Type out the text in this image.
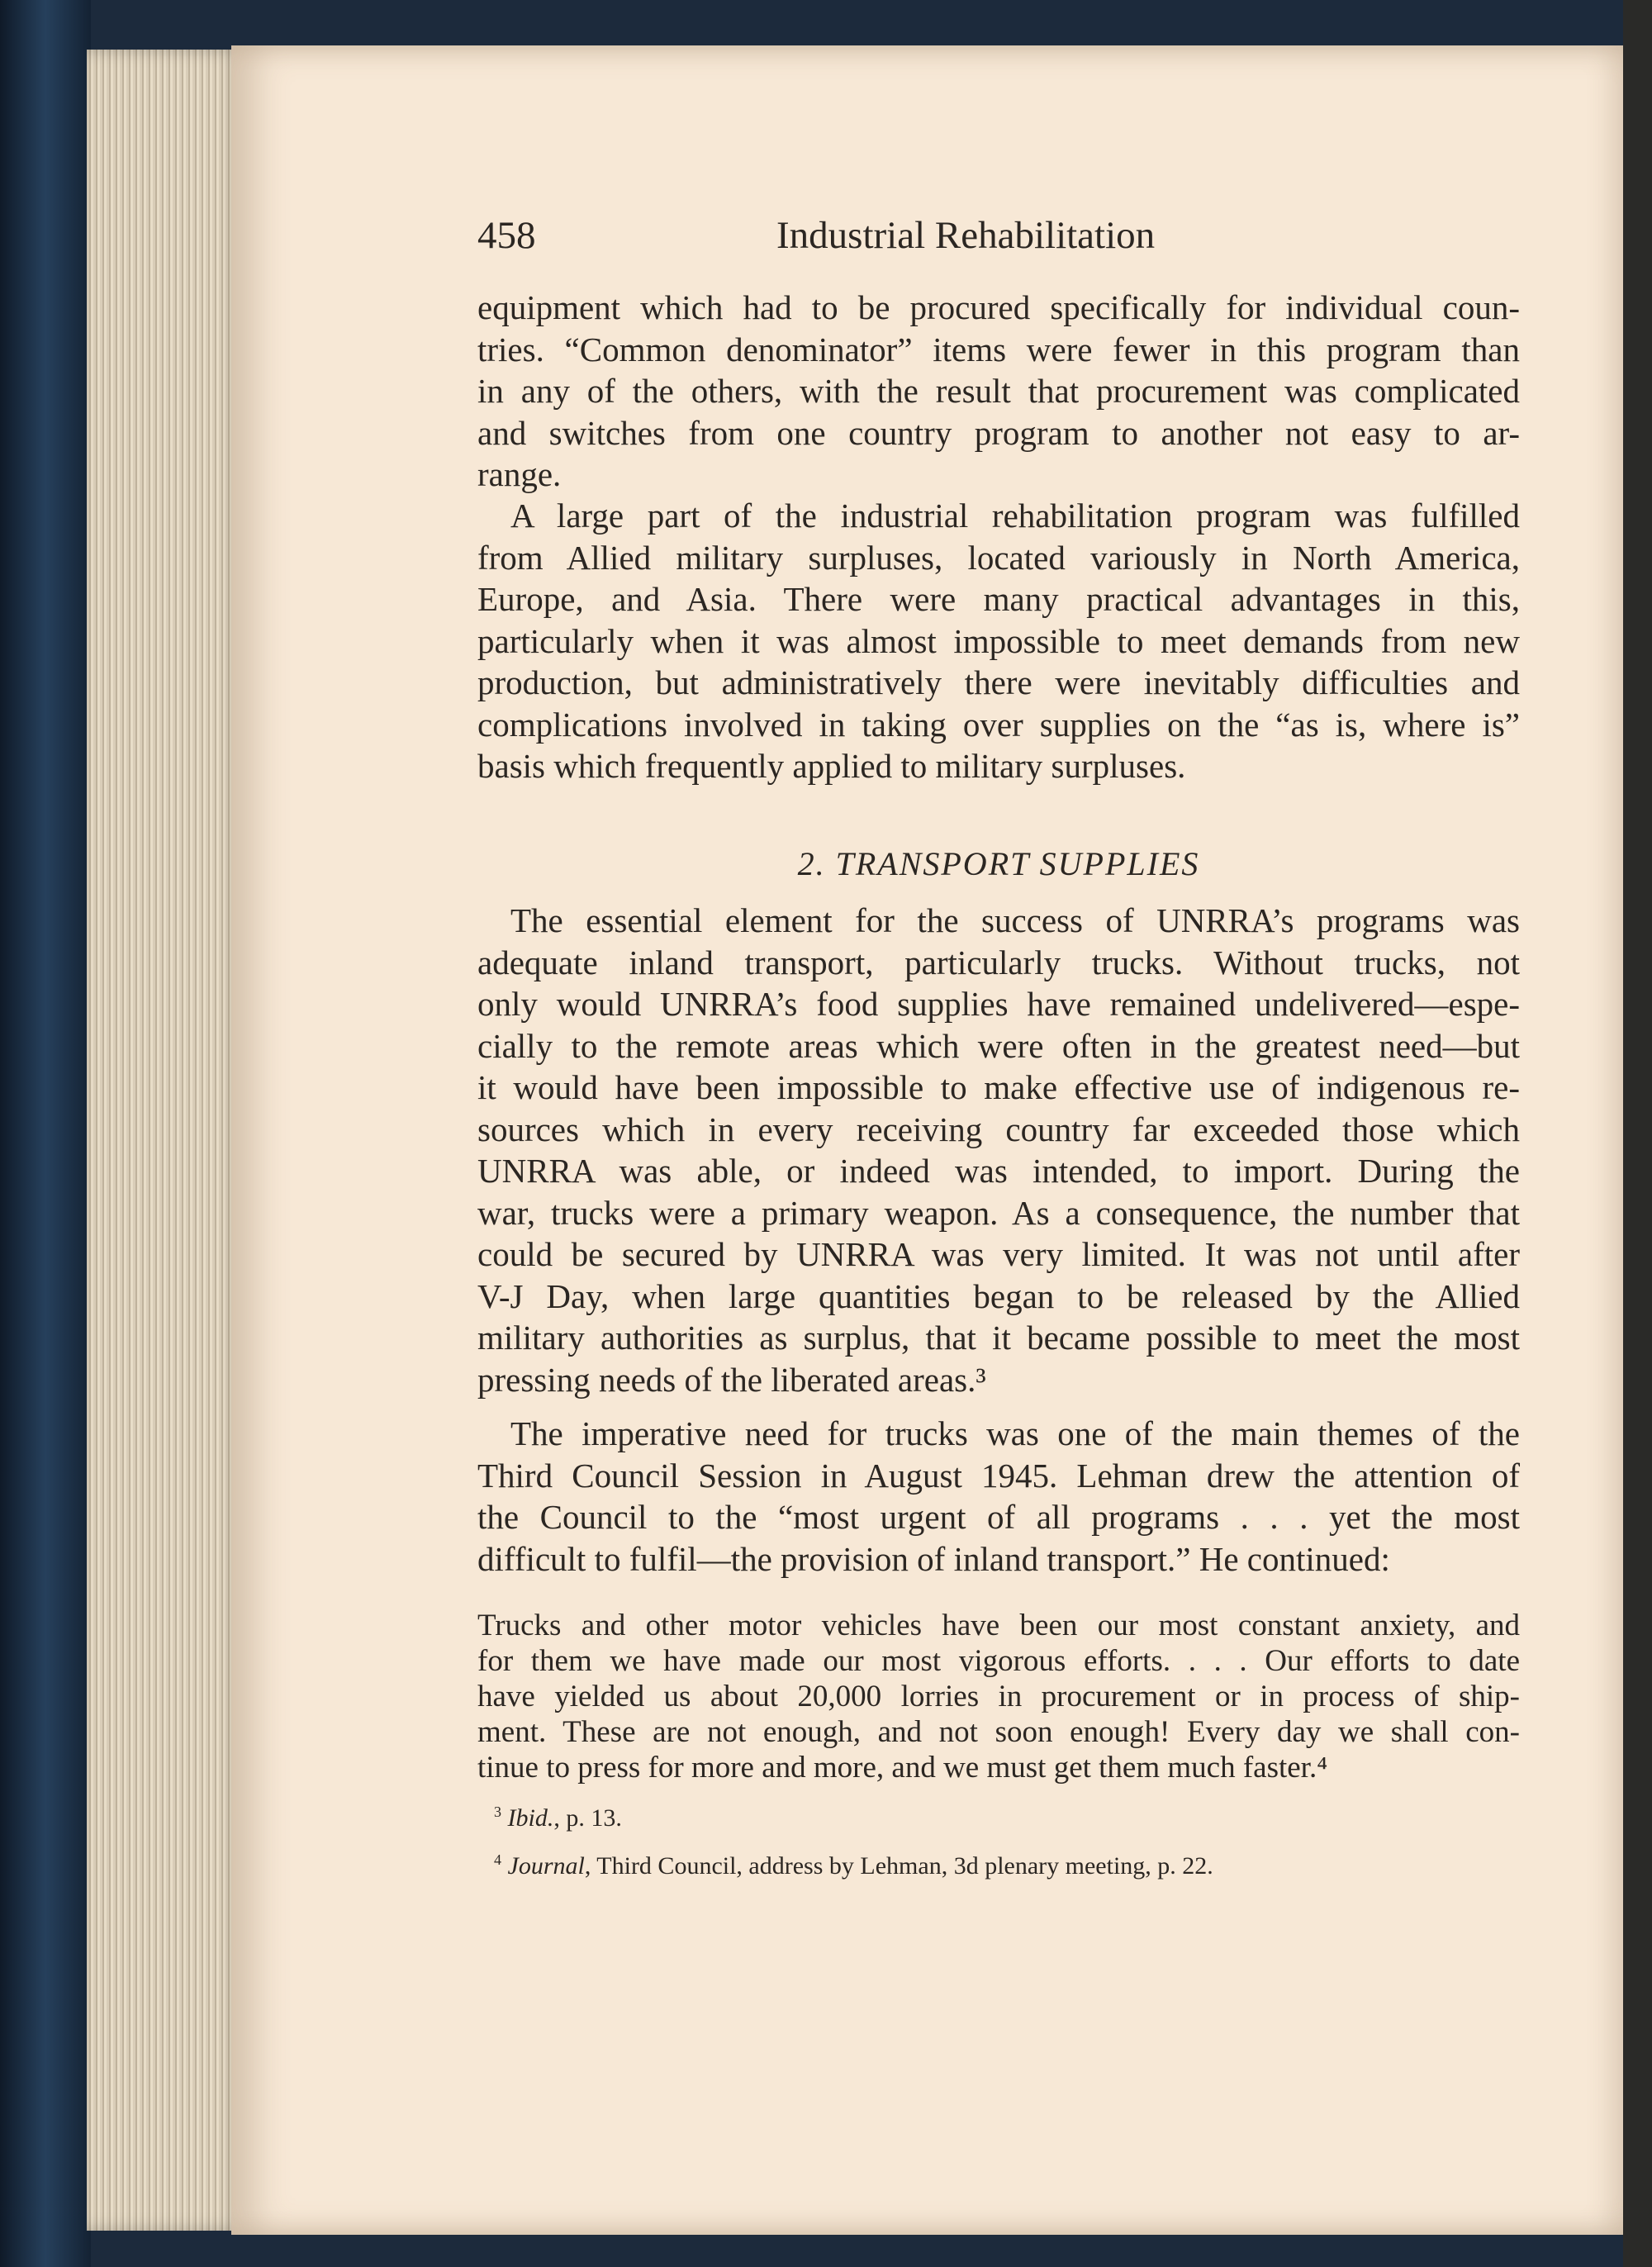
458	Industrial Rehabilitation
equipment which had to be procured specifically for individual coun-
tries. “Common denominator” items were fewer in this program than
in any of the others, with the result that procurement was complicated
and switches from one country program to another not easy to ar-
range.
A large part of the industrial rehabilitation program was fulfilled
from Allied military surpluses, located variously in North America,
Europe, and Asia. There were many practical advantages in this,
particularly when it was almost impossible to meet demands from new
production, but administratively there were inevitably difficulties and
complications involved in taking over supplies on the “as is, where is”
basis which frequently applied to military surpluses.
2. TRANSPORT SUPPLIES
The essential element for the success of UNRRA’s programs was
adequate inland transport, particularly trucks. Without trucks, not
only would UNRRA’s food supplies have remained undelivered—espe-
cially to the remote areas which were often in the greatest need—but
it would have been impossible to make effective use of indigenous re-
sources which in every receiving country far exceeded those which
UNRRA was able, or indeed was intended, to import. During the
war, trucks were a primary weapon. As a consequence, the number that
could be secured by UNRRA was very limited. It was not until after
V-J Day, when large quantities began to be released by the Allied
military authorities as surplus, that it became possible to meet the most
pressing needs of the liberated areas.³
The imperative need for trucks was one of the main themes of the
Third Council Session in August 1945. Lehman drew the attention of
the Council to the “most urgent of all programs . . . yet the most
difficult to fulfil—the provision of inland transport.” He continued:
Trucks and other motor vehicles have been our most constant anxiety, and
for them we have made our most vigorous efforts. . . . Our efforts to date
have yielded us about 20,000 lorries in procurement or in process of ship-
ment. These are not enough, and not soon enough! Every day we shall con-
tinue to press for more and more, and we must get them much faster.⁴
$^3$ Ibid., p. 13.
$^4$ Journal, Third Council, address by Lehman, 3d plenary meeting, p. 22.
